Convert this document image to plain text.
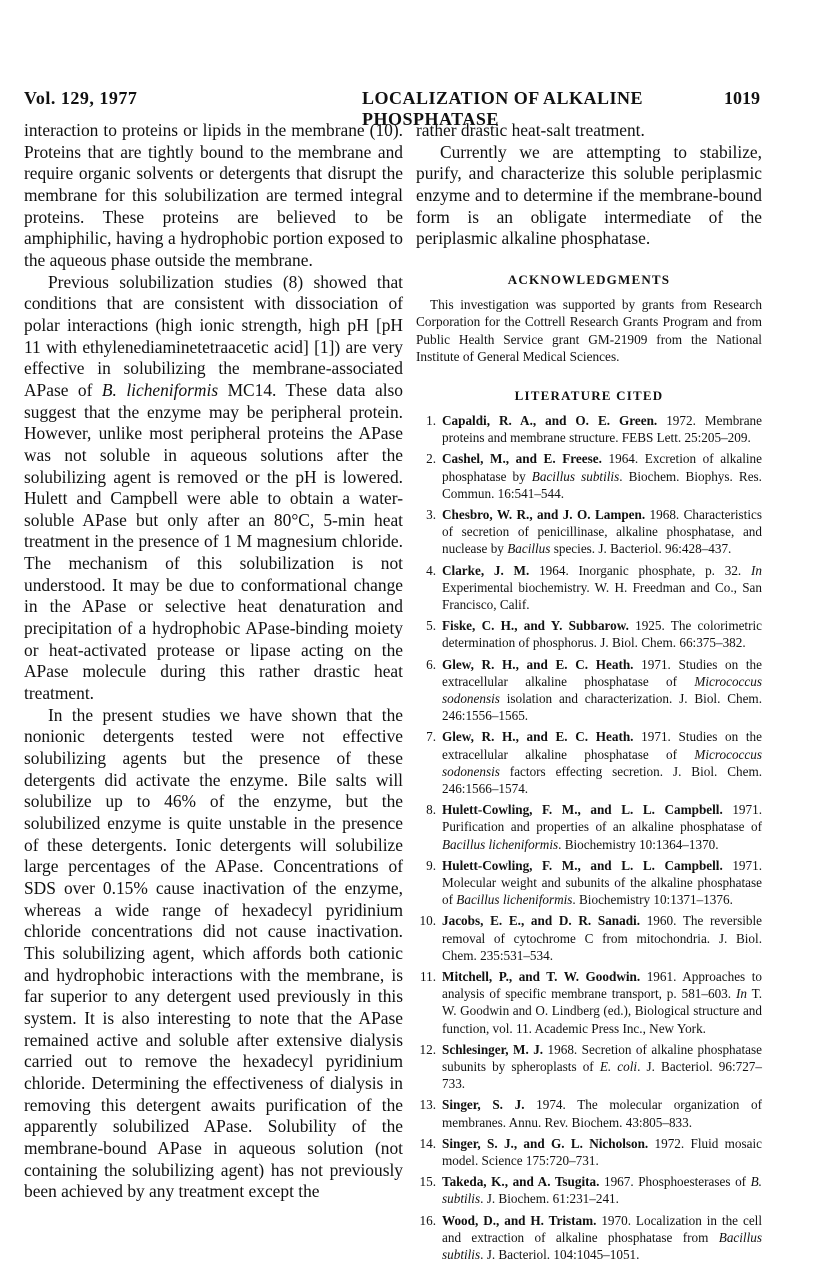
Vol. 129, 1977	LOCALIZATION OF ALKALINE PHOSPHATASE
1019

interaction to proteins or lipids in the membrane (10). Proteins that are tightly bound to the membrane and require organic solvents or detergents that disrupt the membrane for this solubilization are termed integral proteins. These proteins are believed to be amphiphilic, having a hydrophobic portion exposed to the aqueous phase outside the membrane.

Previous solubilization studies (8) showed that conditions that are consistent with dissociation of polar interactions (high ionic strength, high pH [pH 11 with ethylenediaminetetraacetic acid] [1]) are very effective in solubilizing the membrane-associated APase of B. licheniformis MC14. These data also suggest that the enzyme may be peripheral protein. However, unlike most peripheral proteins the APase was not soluble in aqueous solutions after the solubilizing agent is removed or the pH is lowered. Hulett and Campbell were able to obtain a water-soluble APase but only after an 80°C, 5-min heat treatment in the presence of 1 M magnesium chloride. The mechanism of this solubilization is not understood. It may be due to conformational change in the APase or selective heat denaturation and precipitation of a hydrophobic APase-binding moiety or heat-activated protease or lipase acting on the APase molecule during this rather drastic heat treatment.

In the present studies we have shown that the nonionic detergents tested were not effective solubilizing agents but the presence of these detergents did activate the enzyme. Bile salts will solubilize up to 46% of the enzyme, but the solubilized enzyme is quite unstable in the presence of these detergents. Ionic detergents will solubilize large percentages of the APase. Concentrations of SDS over 0.15% cause inactivation of the enzyme, whereas a wide range of hexadecyl pyridinium chloride concentrations did not cause inactivation. This solubilizing agent, which affords both cationic and hydrophobic interactions with the membrane, is far superior to any detergent used previously in this system. It is also interesting to note that the APase remained active and soluble after extensive dialysis carried out to remove the hexadecyl pyridinium chloride. Determining the effectiveness of dialysis in removing this detergent awaits purification of the apparently solubilized APase. Solubility of the membrane-bound APase in aqueous solution (not containing the solubilizing agent) has not previously been achieved by any treatment except the

rather drastic heat-salt treatment.

Currently we are attempting to stabilize, purify, and characterize this soluble periplasmic enzyme and to determine if the membrane-bound form is an obligate intermediate of the periplasmic alkaline phosphatase.

ACKNOWLEDGMENTS

This investigation was supported by grants from Research Corporation for the Cottrell Research Grants Program and from Public Health Service grant GM-21909 from the National Institute of General Medical Sciences.

LITERATURE CITED
1. Capaldi, R. A., and O. E. Green. 1972. Membrane proteins and membrane structure. FEBS Lett. 25:205–209.
2. Cashel, M., and E. Freese. 1964. Excretion of alkaline phosphatase by Bacillus subtilis. Biochem. Biophys. Res. Commun. 16:541–544.
3. Chesbro, W. R., and J. O. Lampen. 1968. Characteristics of secretion of penicillinase, alkaline phosphatase, and nuclease by Bacillus species. J. Bacteriol. 96:428–437.
4. Clarke, J. M. 1964. Inorganic phosphate, p. 32. In Experimental biochemistry. W. H. Freedman and Co., San Francisco, Calif.
5. Fiske, C. H., and Y. Subbarow. 1925. The colorimetric determination of phosphorus. J. Biol. Chem. 66:375–382.
6. Glew, R. H., and E. C. Heath. 1971. Studies on the extracellular alkaline phosphatase of Micrococcus sodonensis isolation and characterization. J. Biol. Chem. 246:1556–1565.
7. Glew, R. H., and E. C. Heath. 1971. Studies on the extracellular alkaline phosphatase of Micrococcus sodonensis factors effecting secretion. J. Biol. Chem. 246:1566–1574.
8. Hulett-Cowling, F. M., and L. L. Campbell. 1971. Purification and properties of an alkaline phosphatase of Bacillus licheniformis. Biochemistry 10:1364–1370.
9. Hulett-Cowling, F. M., and L. L. Campbell. 1971. Molecular weight and subunits of the alkaline phosphatase of Bacillus licheniformis. Biochemistry 10:1371–1376.
10. Jacobs, E. E., and D. R. Sanadi. 1960. The reversible removal of cytochrome C from mitochondria. J. Biol. Chem. 235:531–534.
11. Mitchell, P., and T. W. Goodwin. 1961. Approaches to analysis of specific membrane transport, p. 581–603. In T. W. Goodwin and O. Lindberg (ed.), Biological structure and function, vol. 11. Academic Press Inc., New York.
12. Schlesinger, M. J. 1968. Secretion of alkaline phosphatase subunits by spheroplasts of E. coli. J. Bacteriol. 96:727–733.
13. Singer, S. J. 1974. The molecular organization of membranes. Annu. Rev. Biochem. 43:805–833.
14. Singer, S. J., and G. L. Nicholson. 1972. Fluid mosaic model. Science 175:720–731.
15. Takeda, K., and A. Tsugita. 1967. Phosphoesterases of B. subtilis. J. Biochem. 61:231–241.
16. Wood, D., and H. Tristam. 1970. Localization in the cell and extraction of alkaline phosphatase from Bacillus subtilis. J. Bacteriol. 104:1045–1051.
